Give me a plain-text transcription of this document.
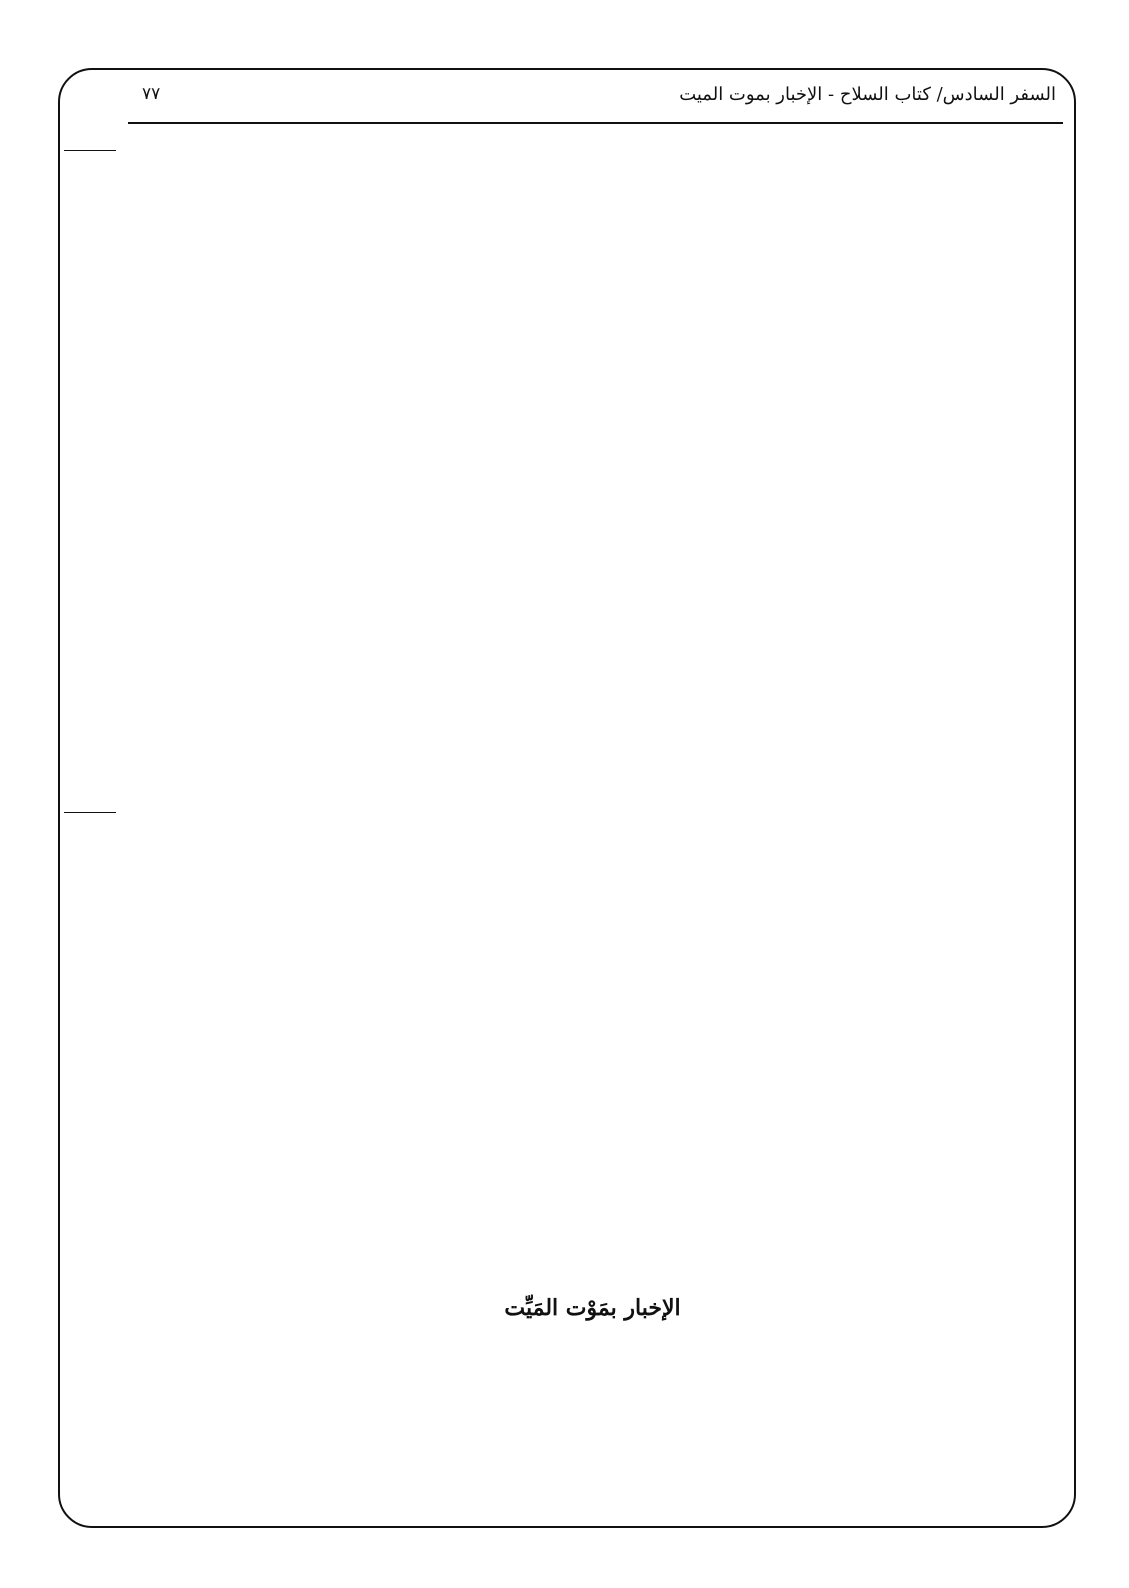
٧٧	السفر السادس/ كتاب السلاح - الإخبار بموت الميت
الإخبار بمَوْت المَيِّت
